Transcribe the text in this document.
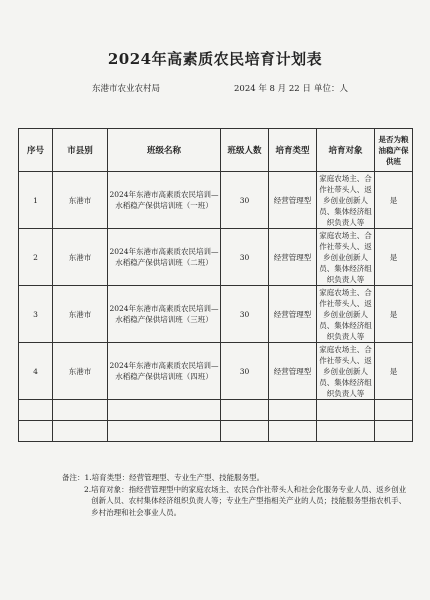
2024年高素质农民培育计划表
东港市农业农村局	2024 年 8 月 22 日 单位：人
序号	市县别	班级名称	班级人数	培育类型	培育对象	是否为粮油稳产保供班
1	东港市	2024年东港市高素质农民培训—水稻稳产保供培训班（一班）	30	经营管理型	家庭农场主、合作社带头人、返乡创业创新人员、集体经济组织负责人等	是
2	东港市	2024年东港市高素质农民培训—水稻稳产保供培训班（二班）	30	经营管理型	家庭农场主、合作社带头人、返乡创业创新人员、集体经济组织负责人等	是
3	东港市	2024年东港市高素质农民培训—水稻稳产保供培训班（三班）	30	经营管理型	家庭农场主、合作社带头人、返乡创业创新人员、集体经济组织负责人等	是
4	东港市	2024年东港市高素质农民培训—水稻稳产保供培训班（四班）	30	经营管理型	家庭农场主、合作社带头人、返乡创业创新人员、集体经济组织负责人等	是

备注： 1. 培育类型：经营管理型、专业生产型、技能服务型。
2. 培育对象：指经营管理型中的家庭农场主、农民合作社带头人和社会化服务专业人员、返乡创业创新人员、农村集体经济组织负责人等；专业生产型指相关产业的人员；技能服务型指农机手、乡村治理和社会事业人员。
